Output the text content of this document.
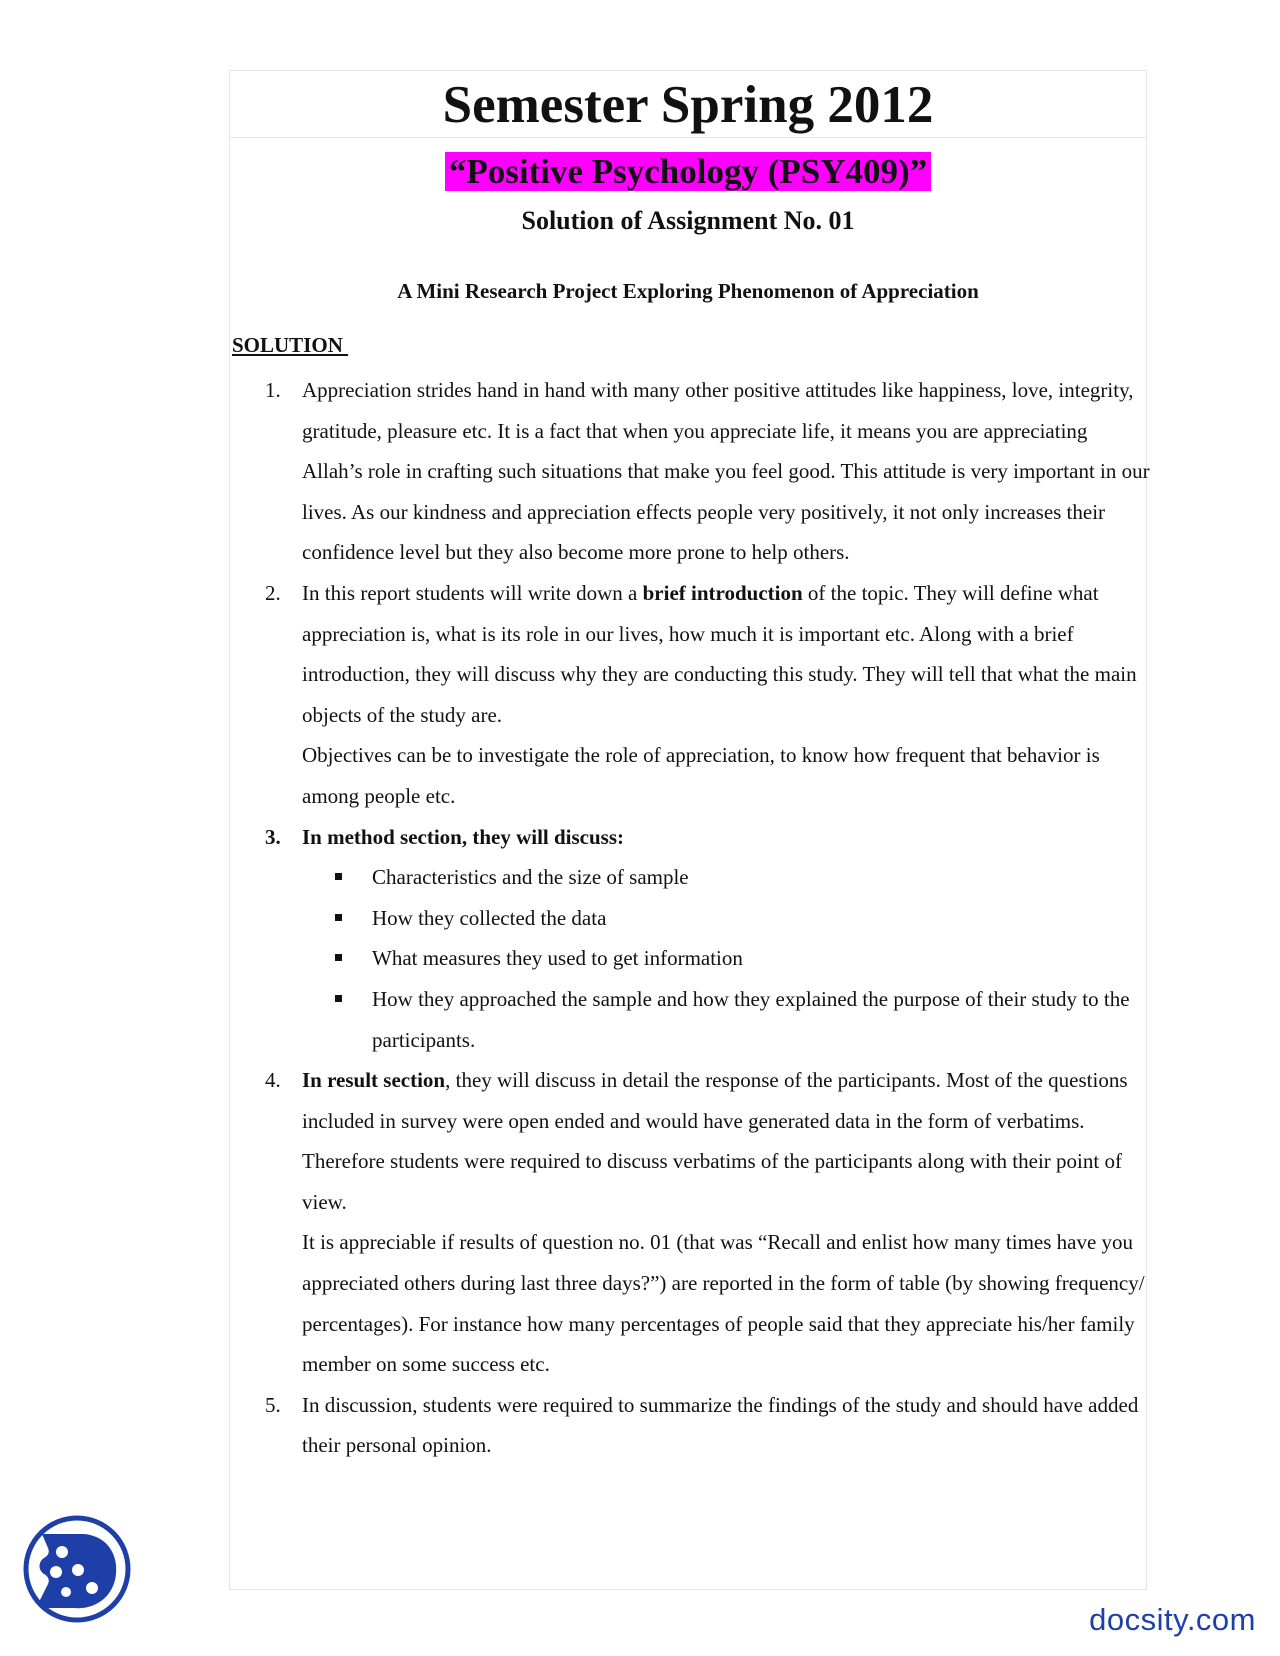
Semester Spring 2012
“Positive Psychology (PSY409)”
Solution of Assignment No. 01
A Mini Research Project Exploring Phenomenon of Appreciation
SOLUTION
1. Appreciation strides hand in hand with many other positive attitudes like happiness, love, integrity, gratitude, pleasure etc. It is a fact that when you appreciate life, it means you are appreciating Allah’s role in crafting such situations that make you feel good. This attitude is very important in our lives. As our kindness and appreciation effects people very positively, it not only increases their confidence level but they also become more prone to help others.
2. In this report students will write down a brief introduction of the topic. They will define what appreciation is, what is its role in our lives, how much it is important etc. Along with a brief introduction, they will discuss why they are conducting this study. They will tell that what the main objects of the study are.
Objectives can be to investigate the role of appreciation, to know how frequent that behavior is among people etc.
3. In method section, they will discuss:
Characteristics and the size of sample
How they collected the data
What measures they used to get information
How they approached the sample and how they explained the purpose of their study to the participants.
4. In result section, they will discuss in detail the response of the participants. Most of the questions included in survey were open ended and would have generated data in the form of verbatims. Therefore students were required to discuss verbatims of the participants along with their point of view.
It is appreciable if results of question no. 01 (that was “Recall and enlist how many times have you appreciated others during last three days?”) are reported in the form of table (by showing frequency/ percentages). For instance how many percentages of people said that they appreciate his/her family member on some success etc.
5. In discussion, students were required to summarize the findings of the study and should have added their personal opinion.
docsity.com
